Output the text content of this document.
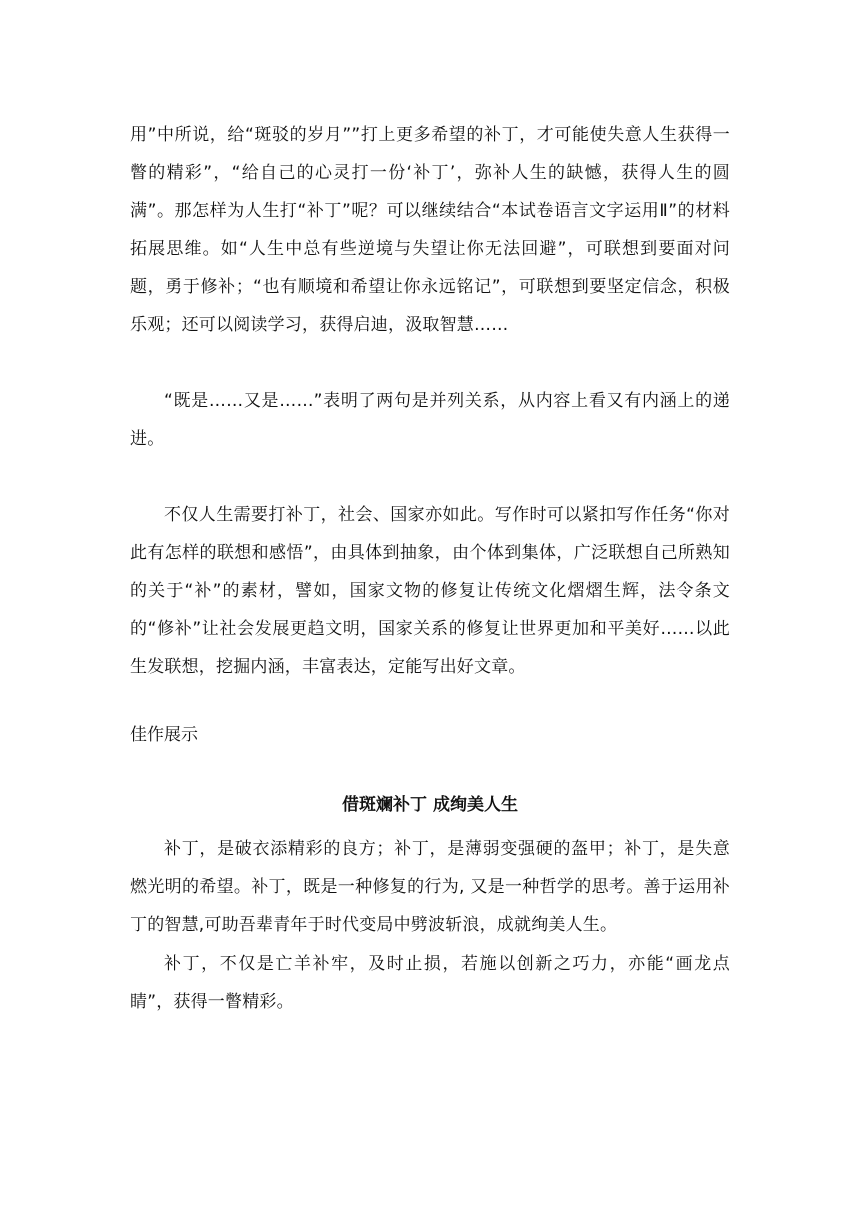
用”中所说，给“斑驳的岁月””打上更多希望的补丁，才可能使失意人生获得一瞥的精彩”，“给自己的心灵打一份‘补丁’，弥补人生的缺憾，获得人生的圆满”。那怎样为人生打“补丁”呢？可以继续结合“本试卷语言文字运用Ⅱ”的材料拓展思维。如“人生中总有些逆境与失望让你无法回避”，可联想到要面对问题，勇于修补；“也有顺境和希望让你永远铭记”，可联想到要坚定信念，积极乐观；还可以阅读学习，获得启迪，汲取智慧……

“既是……又是……”表明了两句是并列关系，从内容上看又有内涵上的递进。

不仅人生需要打补丁，社会、国家亦如此。写作时可以紧扣写作任务“你对此有怎样的联想和感悟”，由具体到抽象，由个体到集体，广泛联想自己所熟知的关于“补”的素材，譬如，国家文物的修复让传统文化熠熠生辉，法令条文的“修补”让社会发展更趋文明，国家关系的修复让世界更加和平美好……以此生发联想，挖掘内涵，丰富表达，定能写出好文章。

佳作展示
借斑斓补丁 成绚美人生

补丁，是破衣添精彩的良方；补丁，是薄弱变强硬的盔甲；补丁，是失意燃光明的希望。补丁，既是一种修复的行为, 又是一种哲学的思考。善于运用补丁的智慧,可助吾辈青年于时代变局中劈波斩浪，成就绚美人生。

补丁，不仅是亡羊补牢，及时止损，若施以创新之巧力，亦能“画龙点睛”，获得一瞥精彩。
